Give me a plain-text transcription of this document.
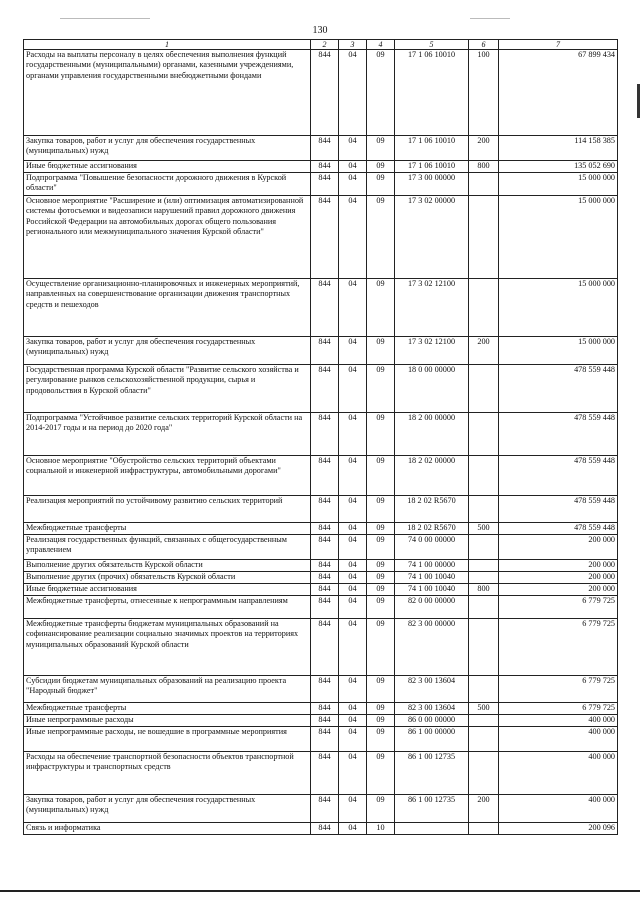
130
1	2	3	4	5	6	7
Расходы на выплаты персоналу в целях обеспечения выполнения функций государственными (муниципальными) органами, казенными учреждениями, органами управления государственными внебюджетными фондами	844	04	09	17 1 06 10010	100	67 899 434
Закупка товаров, работ и услуг для обеспечения государственных (муниципальных) нужд	844	04	09	17 1 06 10010	200	114 158 385
Иные бюджетные ассигнования	844	04	09	17 1 06 10010	800	135 052 690
Подпрограмма "Повышение безопасности дорожного движения в Курской области"	844	04	09	17 3 00 00000		15 000 000
Основное мероприятие "Расширение и (или) оптимизация автоматизированной системы фотосъемки и видеозаписи нарушений правил дорожного движения Российской Федерации на автомобильных дорогах общего пользования регионального или межмуниципального значения Курской области"	844	04	09	17 3 02 00000		15 000 000
Осуществление организационно-планировочных и инженерных мероприятий, направленных на совершенствование организации движения транспортных средств и пешеходов	844	04	09	17 3 02 12100		15 000 000
Закупка товаров, работ и услуг для обеспечения государственных (муниципальных) нужд	844	04	09	17 3 02 12100	200	15 000 000
Государственная программа Курской области "Развитие сельского хозяйства и регулирование рынков сельскохозяйственной продукции, сырья и продовольствия в Курской области"	844	04	09	18 0 00 00000		478 559 448
Подпрограмма "Устойчивое развитие сельских территорий Курской области на 2014-2017 годы и на период до 2020 года"	844	04	09	18 2 00 00000		478 559 448
Основное мероприятие "Обустройство сельских территорий объектами социальной и инженерной инфраструктуры, автомобильными дорогами"	844	04	09	18 2 02 00000		478 559 448
Реализация мероприятий по устойчивому развитию сельских территорий	844	04	09	18 2 02 R5670		478 559 448
Межбюджетные трансферты	844	04	09	18 2 02 R5670	500	478 559 448
Реализация государственных функций, связанных с общегосударственным управлением	844	04	09	74 0 00 00000		200 000
Выполнение других обязательств Курской области	844	04	09	74 1 00 00000		200 000
Выполнение других (прочих) обязательств Курской области	844	04	09	74 1 00 10040		200 000
Иные бюджетные ассигнования	844	04	09	74 1 00 10040	800	200 000
Межбюджетные трансферты, отнесенные к непрограммным направлениям	844	04	09	82 0 00 00000		6 779 725
Межбюджетные трансферты бюджетам муниципальных образований на софинансирование реализации социально значимых проектов на территориях муниципальных образований Курской области	844	04	09	82 3 00 00000		6 779 725
Субсидии бюджетам муниципальных образований на реализацию проекта "Народный бюджет"	844	04	09	82 3 00 13604		6 779 725
Межбюджетные трансферты	844	04	09	82 3 00 13604	500	6 779 725
Иные непрограммные расходы	844	04	09	86 0 00 00000		400 000
Иные непрограммные расходы, не вошедшие в программные мероприятия	844	04	09	86 1 00 00000		400 000
Расходы на обеспечение транспортной безопасности объектов транспортной инфраструктуры и транспортных средств	844	04	09	86 1 00 12735		400 000
Закупка товаров, работ и услуг для обеспечения государственных (муниципальных) нужд	844	04	09	86 1 00 12735	200	400 000
Связь и информатика	844	04	10			200 096
